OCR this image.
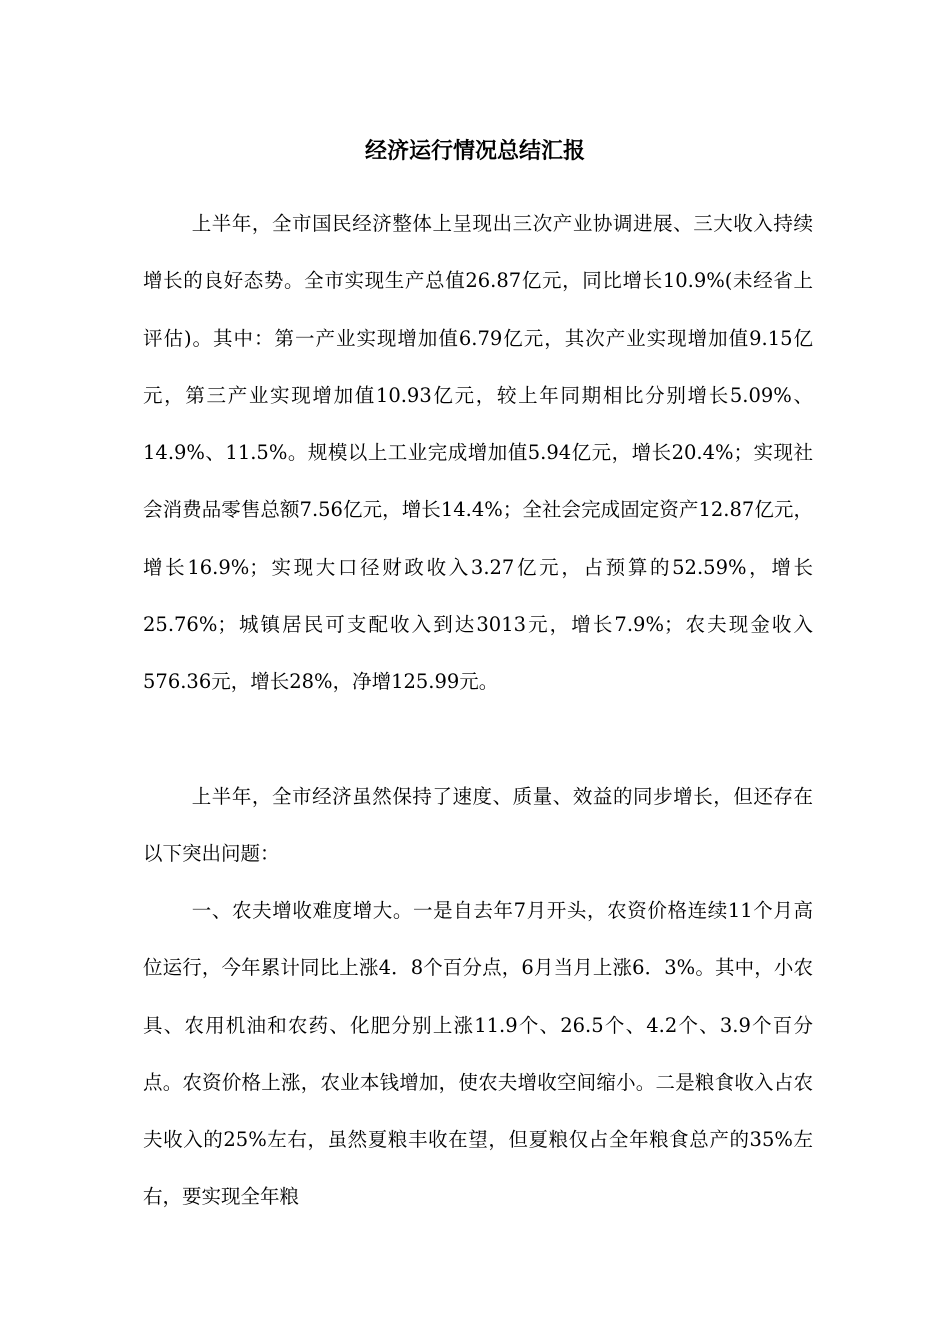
经济运行情况总结汇报

上半年，全市国民经济整体上呈现出三次产业协调进展、三大收入持续增长的良好态势。全市实现生产总值26.87亿元，同比增长10.9%(未经省上评估)。其中：第一产业实现增加值6.79亿元，其次产业实现增加值9.15亿元，第三产业实现增加值10.93亿元，较上年同期相比分别增长5.09%、14.9%、11.5%。规模以上工业完成增加值5.94亿元，增长20.4%；实现社会消费品零售总额7.56亿元，增长14.4%；全社会完成固定资产12.87亿元，增长16.9%；实现大口径财政收入3.27亿元，占预算的52.59%，增长25.76%；城镇居民可支配收入到达3013元，增长7.9%；农夫现金收入576.36元，增长28%，净增125.99元。

上半年，全市经济虽然保持了速度、质量、效益的同步增长，但还存在以下突出问题：

一、农夫增收难度增大。一是自去年7月开头，农资价格连续11个月高位运行，今年累计同比上涨4．8个百分点，6月当月上涨6．3%。其中，小农具、农用机油和农药、化肥分别上涨11.9个、26.5个、4.2个、3.9个百分点。农资价格上涨，农业本钱增加，使农夫增收空间缩小。二是粮食收入占农夫收入的25%左右，虽然夏粮丰收在望，但夏粮仅占全年粮食总产的35%左右，要实现全年粮
